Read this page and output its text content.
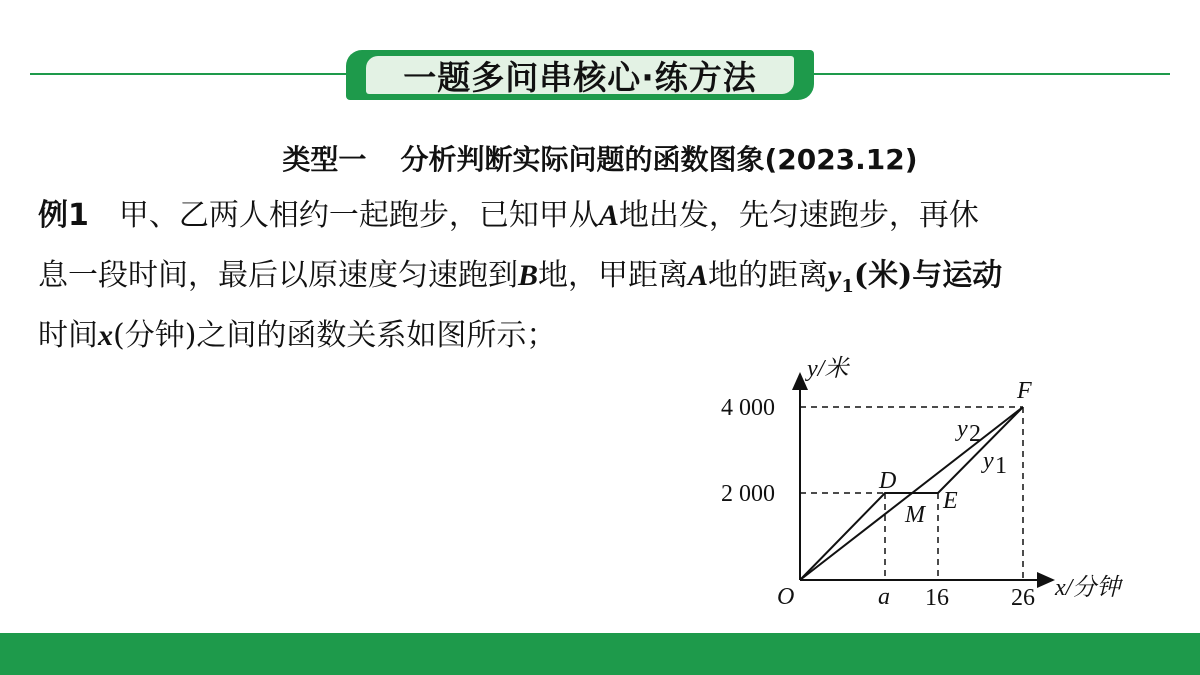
一题多问串核心·练方法
类型一 分析判断实际问题的函数图象(2023.12)
例1 甲、乙两人相约一起跑步，已知甲从A地出发，先匀速跑步，再休
息一段时间，最后以原速度匀速跑到B地，甲距离A地的距离$y_1$(米)与运动
时间x(分钟)之间的函数关系如图所示；
y/米
x/分钟
O
4 000
2 000
a 16	26
D
E
F
M
y 2
y 1
